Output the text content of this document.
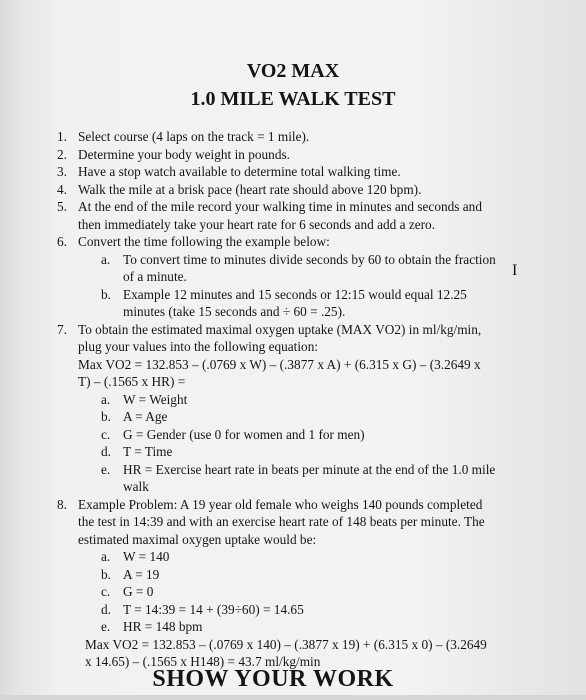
VO2 MAX
1.0 MILE WALK TEST
1. Select course (4 laps on the track = 1 mile).
2. Determine your body weight in pounds.
3. Have a stop watch available to determine total walking time.
4. Walk the mile at a brisk pace (heart rate should above 120 bpm).
5. At the end of the mile record your walking time in minutes and seconds and
then immediately take your heart rate for 6 seconds and add a zero.
6. Convert the time following the example below:
a. To convert time to minutes divide seconds by 60 to obtain the fraction
of a minute.
b. Example 12 minutes and 15 seconds or 12:15 would equal 12.25
minutes (take 15 seconds and ÷ 60 = .25).
7. To obtain the estimated maximal oxygen uptake (MAX VO2) in ml/kg/min,
plug your values into the following equation:
Max VO2 = 132.853 – (.0769 x W) – (.3877 x A) + (6.315 x G) – (3.2649 x
T) – (.1565 x HR) =
a. W = Weight
b. A = Age
c. G = Gender (use 0 for women and 1 for men)
d. T = Time
e. HR = Exercise heart rate in beats per minute at the end of the 1.0 mile
walk
8. Example Problem: A 19 year old female who weighs 140 pounds completed
the test in 14:39 and with an exercise heart rate of 148 beats per minute. The
estimated maximal oxygen uptake would be:
a. W = 140
b. A = 19
c. G = 0
d. T = 14:39 = 14 + (39÷60) = 14.65
e. HR = 148 bpm
Max VO2 = 132.853 – (.0769 x 140) – (.3877 x 19) + (6.315 x 0) – (3.2649
x 14.65) – (.1565 x H148) = 43.7 ml/kg/min
I
SHOW YOUR WORK
